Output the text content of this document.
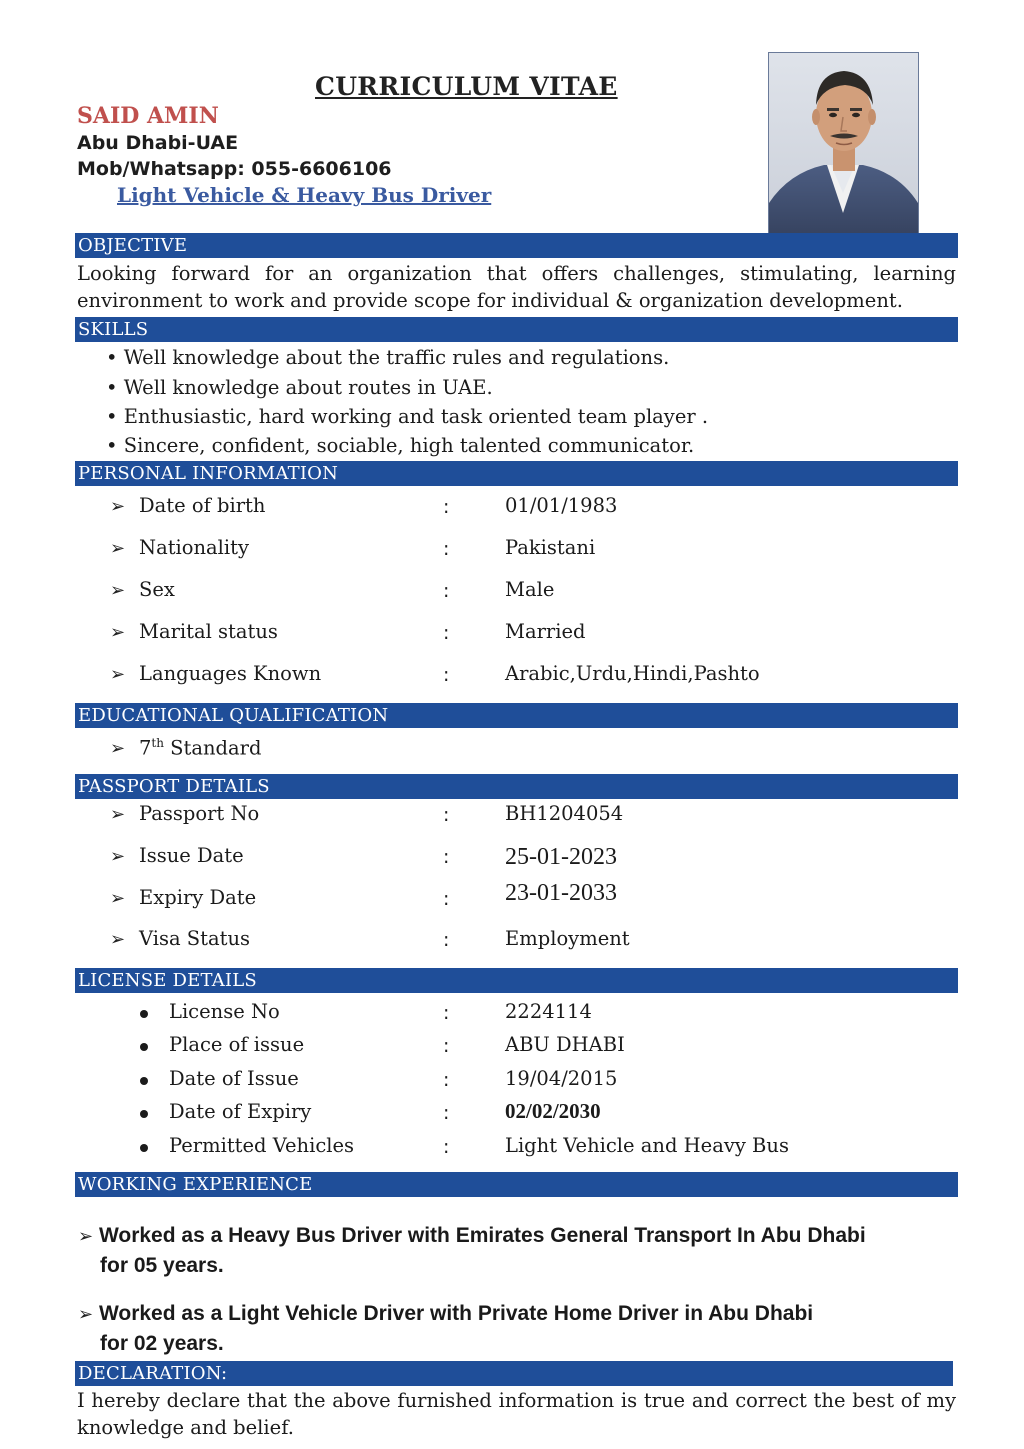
CURRICULUM VITAE
SAID AMIN
Abu Dhabi-UAE
Mob/Whatsapp: 055-6606106
Light Vehicle & Heavy Bus Driver
OBJECTIVE
Looking forward for an organization that offers challenges, stimulating, learning environment to work and provide scope for individual & organization development.
SKILLS
• Well knowledge about the traffic rules and regulations.
• Well knowledge about routes in UAE.
• Enthusiastic, hard working and task oriented team player .
• Sincere, confident, sociable, high talented communicator.
PERSONAL INFORMATION
➢ Date of birth	:	01/01/1983
➢ Nationality	:	Pakistani
➢ Sex	:	Male
➢ Marital status	:	Married
➢ Languages Known	:	Arabic,Urdu,Hindi,Pashto
EDUCATIONAL QUALIFICATION
➢ 7th Standard
PASSPORT DETAILS
➢ Passport No	:	BH1204054
➢ Issue Date	: 25-01-2023
➢ Expiry Date	: 23-01-2033
➢ Visa Status	:	Employment
LICENSE DETAILS
License No	:	2224114
Place of issue	:	ABU DHABI
Date of Issue	:	19/04/2015
Date of Expiry	:	02/02/2030
Permitted Vehicles	:	Light Vehicle and Heavy Bus
WORKING EXPERIENCE
➢ Worked as a Heavy Bus Driver with Emirates General Transport In Abu Dhabi
for 05 years.
➢ Worked as a Light Vehicle Driver with Private Home Driver in Abu Dhabi
for 02 years.
DECLARATION:
I hereby declare that the above furnished information is true and correct the best of my knowledge and belief.
